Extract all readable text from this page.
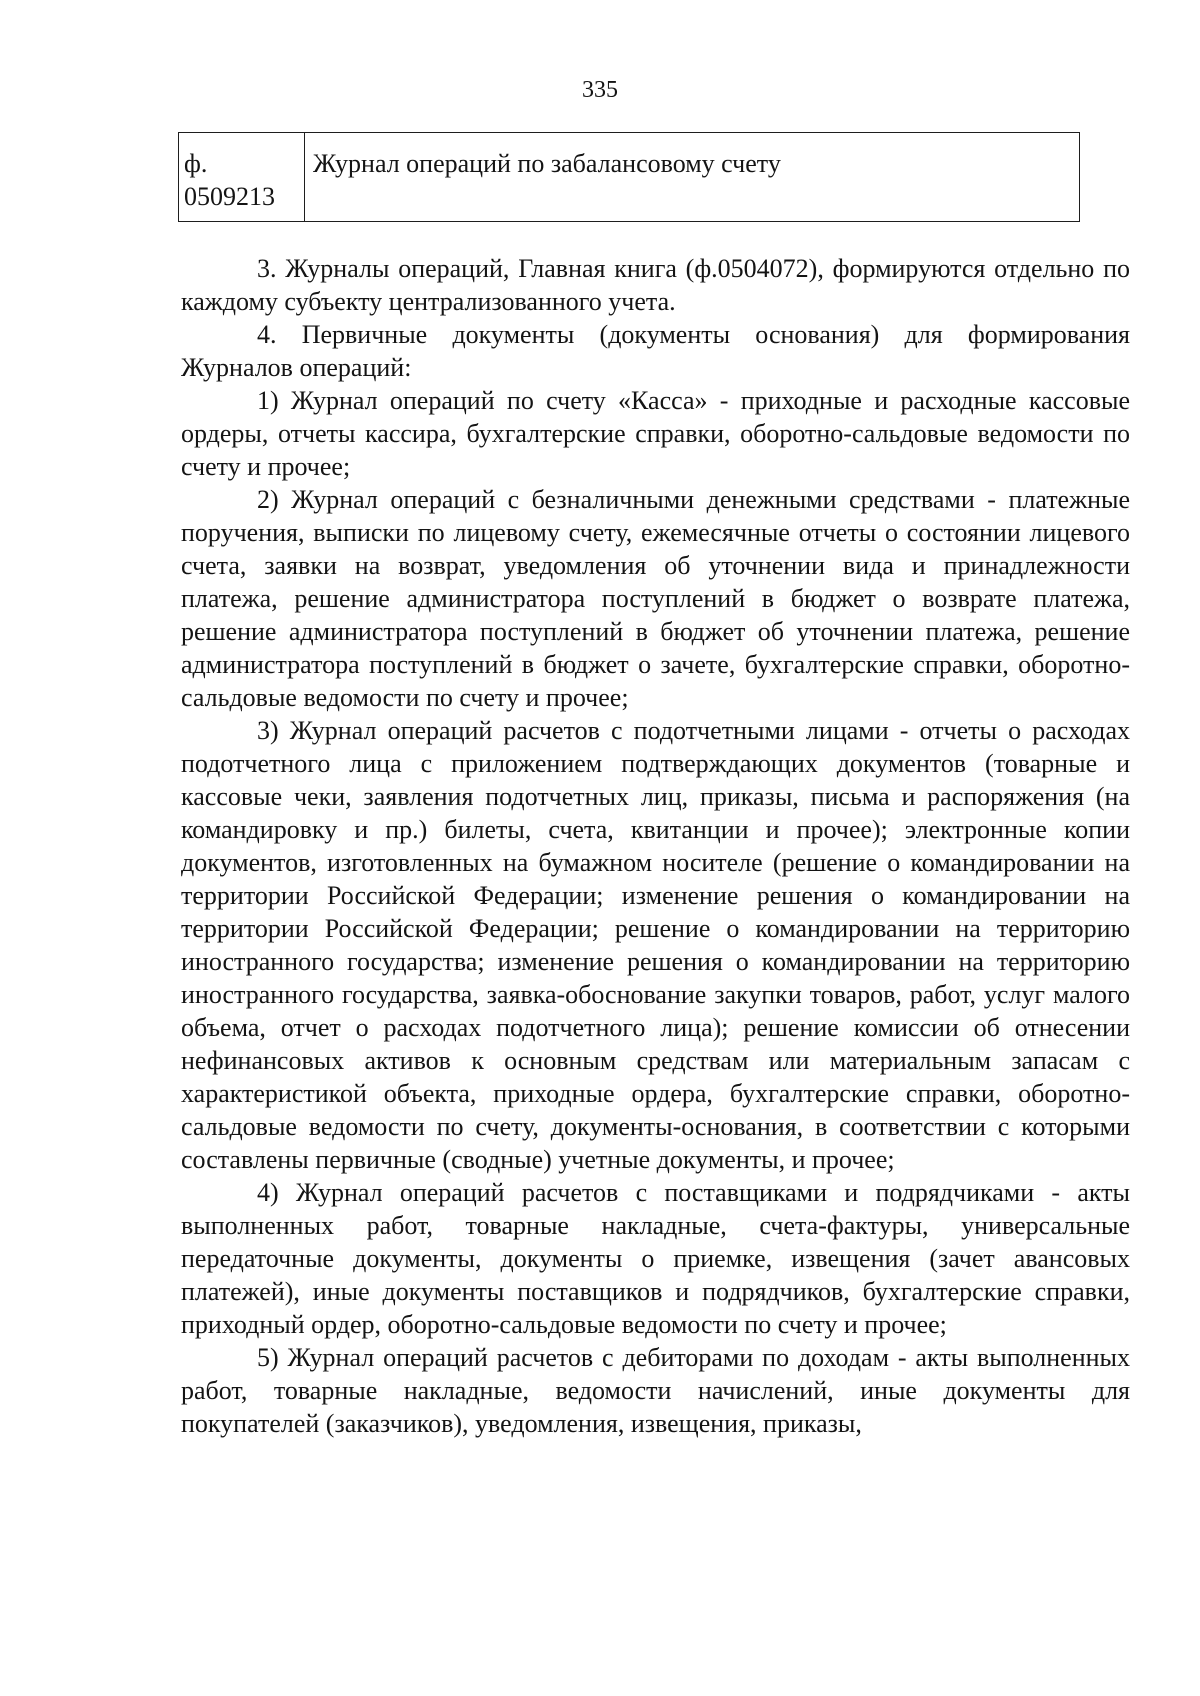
335
ф. 0509213	Журнал операций по забалансовому счету

3. Журналы операций, Главная книга (ф.0504072), формируются отдельно по каждому субъекту централизованного учета.

4. Первичные документы (документы основания) для формирования Журналов операций:

1) Журнал операций по счету «Касса» - приходные и расходные кассовые ордеры, отчеты кассира, бухгалтерские справки, оборотно-сальдовые ведомости по счету и прочее;

2) Журнал операций с безналичными денежными средствами - платежные поручения, выписки по лицевому счету, ежемесячные отчеты о состоянии лицевого счета, заявки на возврат, уведомления об уточнении вида и принадлежности платежа, решение администратора поступлений в бюджет о возврате платежа, решение администратора поступлений в бюджет об уточнении платежа, решение администратора поступлений в бюджет о зачете, бухгалтерские справки, оборотно-сальдовые ведомости по счету и прочее;

3) Журнал операций расчетов с подотчетными лицами - отчеты о расходах подотчетного лица с приложением подтверждающих документов (товарные и кассовые чеки, заявления подотчетных лиц, приказы, письма и распоряжения (на командировку и пр.) билеты, счета, квитанции и прочее); электронные копии документов, изготовленных на бумажном носителе (решение о командировании на территории Российской Федерации; изменение решения о командировании на территории Российской Федерации; решение о командировании на территорию иностранного государства; изменение решения о командировании на территорию иностранного государства, заявка-обоснование закупки товаров, работ, услуг малого объема, отчет о расходах подотчетного лица); решение комиссии об отнесении нефинансовых активов к основным средствам или материальным запасам с характеристикой объекта, приходные ордера, бухгалтерские справки, оборотно-сальдовые ведомости по счету, документы-основания, в соответствии с которыми составлены первичные (сводные) учетные документы, и прочее;

4) Журнал операций расчетов с поставщиками и подрядчиками - акты выполненных работ, товарные накладные, счета-фактуры, универсальные передаточные документы, документы о приемке, извещения (зачет авансовых платежей), иные документы поставщиков и подрядчиков, бухгалтерские справки, приходный ордер, оборотно-сальдовые ведомости по счету и прочее;

5) Журнал операций расчетов с дебиторами по доходам - акты выполненных работ, товарные накладные, ведомости начислений, иные документы для покупателей (заказчиков), уведомления, извещения, приказы,
